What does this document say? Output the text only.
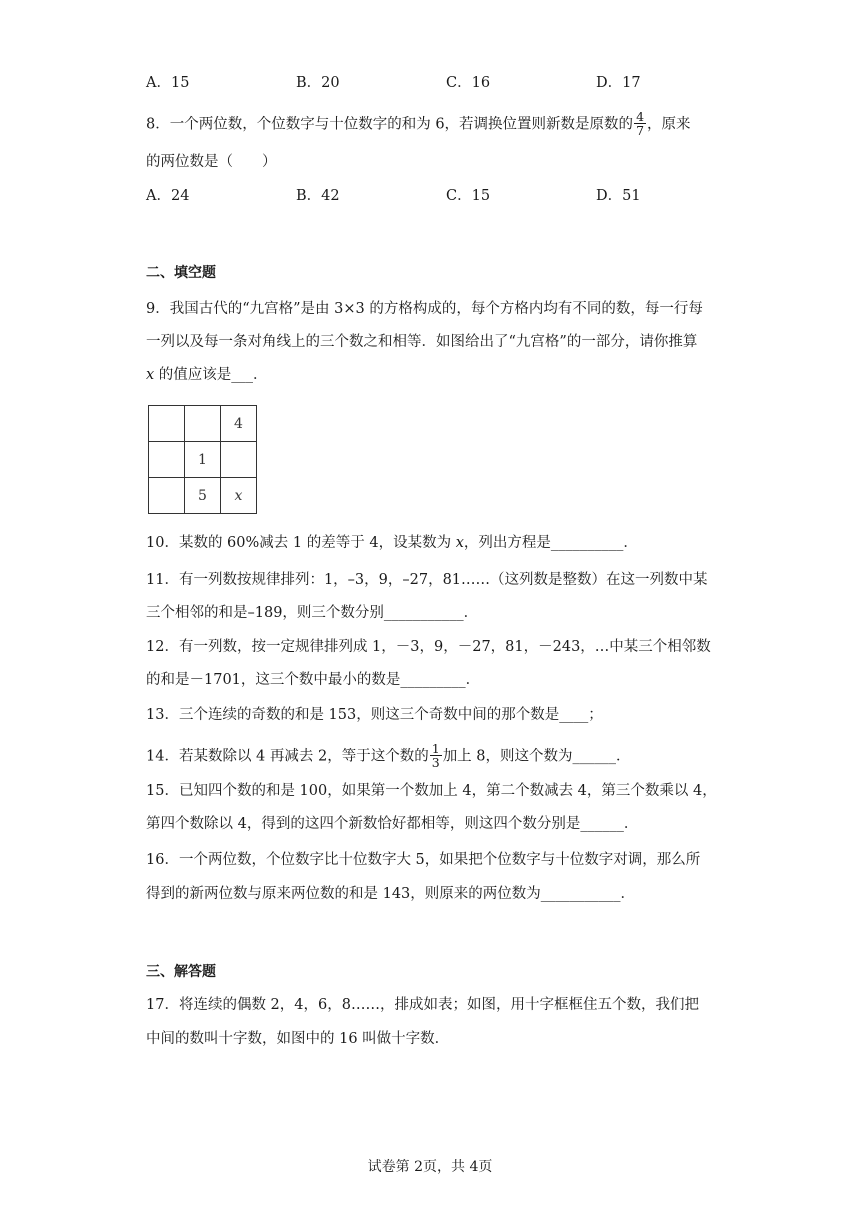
A．15	B．20	C．16	D．17
8．一个两位数，个位数字与十位数字的和为 6，若调换位置则新数是原数的 $\frac{4}{7}$ ，原来
的两位数是（　　）
A．24	B．42	C．15	D．51
二、填空题
9．我国古代的“九宫格”是由 3×3 的方格构成的，每个方格内均有不同的数，每一行每
一列以及每一条对角线上的三个数之和相等．如图给出了“九宫格”的一部分，请你推算
x 的值应该是___．
		4
	1	
	5	x
10．某数的 60%减去 1 的差等于 4，设某数为 x，列出方程是__________．
11．有一列数按规律排列：1，–3，9，–27，81……（这列数是整数）在这一列数中某
三个相邻的和是–189，则三个数分别___________．
12．有一列数，按一定规律排列成 1，－3，9，－27，81，－243，…中某三个相邻数
的和是－1701，这三个数中最小的数是_________．
13．三个连续的奇数的和是 153，则这三个奇数中间的那个数是____；
14．若某数除以 4 再减去 2，等于这个数的 $\frac{1}{3}$ 加上 8，则这个数为______．
15．已知四个数的和是 100，如果第一个数加上 4，第二个数减去 4，第三个数乘以 4，
第四个数除以 4，得到的这四个新数恰好都相等，则这四个数分别是______．
16．一个两位数，个位数字比十位数字大 5，如果把个位数字与十位数字对调，那么所
得到的新两位数与原来两位数的和是 143，则原来的两位数为___________．
三、解答题
17．将连续的偶数 2，4，6，8……，排成如表；如图，用十字框框住五个数，我们把
中间的数叫十字数，如图中的 16 叫做十字数．
试卷第 2页，共 4页
